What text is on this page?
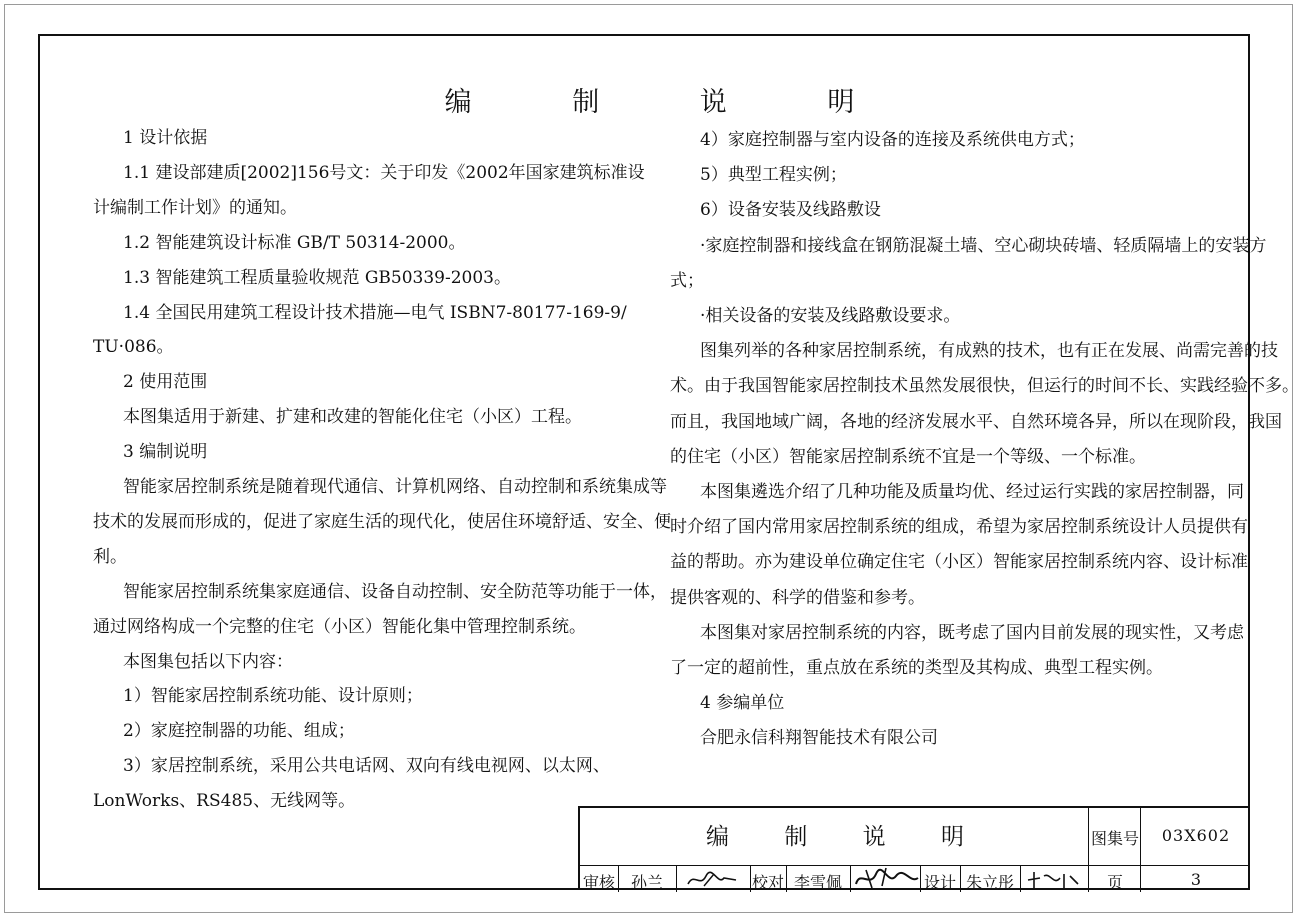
编 制 说 明
1 设计依据
1.1 建设部建质[2002]156号文：关于印发《2002年国家建筑标准设
计编制工作计划》的通知。
1.2 智能建筑设计标准 GB/T 50314-2000。
1.3 智能建筑工程质量验收规范 GB50339-2003。
1.4 全国民用建筑工程设计技术措施—电气 ISBN7-80177-169-9/
TU·086。
2 使用范围
本图集适用于新建、扩建和改建的智能化住宅（小区）工程。
3 编制说明
智能家居控制系统是随着现代通信、计算机网络、自动控制和系统集成等
技术的发展而形成的，促进了家庭生活的现代化，使居住环境舒适、安全、便
利。
智能家居控制系统集家庭通信、设备自动控制、安全防范等功能于一体，
通过网络构成一个完整的住宅（小区）智能化集中管理控制系统。
本图集包括以下内容：
1）智能家居控制系统功能、设计原则；
2）家庭控制器的功能、组成；
3）家居控制系统，采用公共电话网、双向有线电视网、以太网、
LonWorks、RS485、无线网等。
4）家庭控制器与室内设备的连接及系统供电方式；
5）典型工程实例；
6）设备安装及线路敷设
·家庭控制器和接线盒在钢筋混凝土墙、空心砌块砖墙、轻质隔墙上的安装方
式；
·相关设备的安装及线路敷设要求。
图集列举的各种家居控制系统，有成熟的技术，也有正在发展、尚需完善的技
术。由于我国智能家居控制技术虽然发展很快，但运行的时间不长、实践经验不多。
而且，我国地域广阔，各地的经济发展水平、自然环境各异，所以在现阶段，我国
的住宅（小区）智能家居控制系统不宜是一个等级、一个标准。
本图集遴选介绍了几种功能及质量均优、经过运行实践的家居控制器，同
时介绍了国内常用家居控制系统的组成，希望为家居控制系统设计人员提供有
益的帮助。亦为建设单位确定住宅（小区）智能家居控制系统内容、设计标准
提供客观的、科学的借鉴和参考。
本图集对家居控制系统的内容，既考虑了国内目前发展的现实性，又考虑
了一定的超前性，重点放在系统的类型及其构成、典型工程实例。
4 参编单位
合肥永信科翔智能技术有限公司
编 制 说 明	图集号	03X602
审核 孙兰	校对 李雪佩	设计 朱立彤	页	3
